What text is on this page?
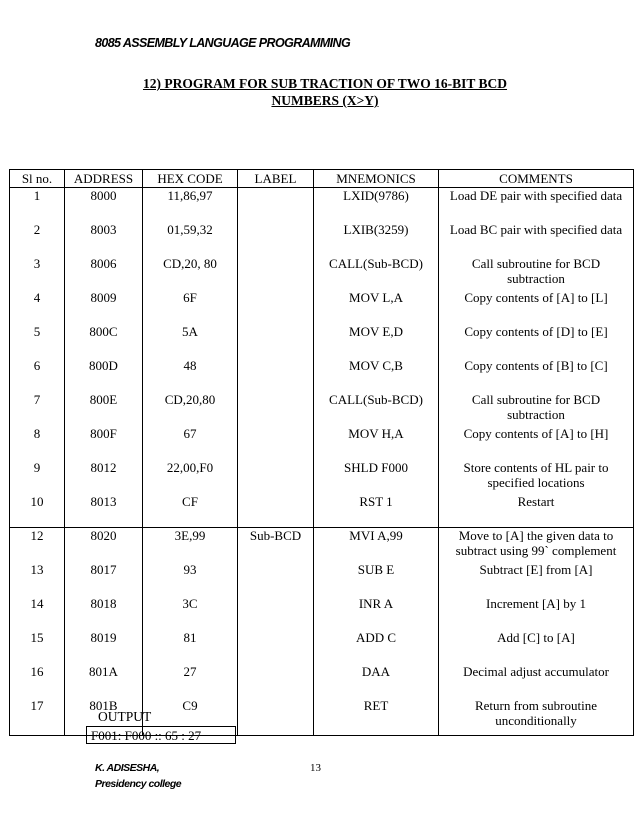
8085 ASSEMBLY LANGUAGE PROGRAMMING
12) PROGRAM FOR SUB TRACTION OF TWO 16-BIT BCD
NUMBERS (X>Y)
Sl no.	ADDRESS	HEX CODE	LABEL	MNEMONICS	COMMENTS
1	8000	11,86,97		LXID(9786)	Load DE pair with specified data
2	8003	01,59,32		LXIB(3259)	Load BC pair with specified data
3	8006	CD,20, 80		CALL(Sub-BCD)	Call subroutine for BCD subtraction
4	8009	6F		MOV L,A	Copy contents of [A] to [L]
5	800C	5A		MOV E,D	Copy contents of [D] to [E]
6	800D	48		MOV C,B	Copy contents of [B] to [C]
7	800E	CD,20,80		CALL(Sub-BCD)	Call subroutine for BCD subtraction
8	800F	67		MOV H,A	Copy contents of [A] to [H]
9	8012	22,00,F0		SHLD F000	Store contents of HL pair to specified locations
10	8013	CF		RST 1	Restart
12	8020	3E,99	Sub-BCD	MVI A,99	Move to [A] the given data to subtract using 99` complement
13	8017	93		SUB E	Subtract [E] from [A]
14	8018	3C		INR A	Increment [A] by 1
15	8019	81		ADD C	Add [C] to [A]
16	801A	27		DAA	Decimal adjust accumulator
17	801B	C9		RET	Return from subroutine unconditionally
OUTPUT
F001: F000 :: 65 : 27
K. ADISESHA,
Presidency college
13
